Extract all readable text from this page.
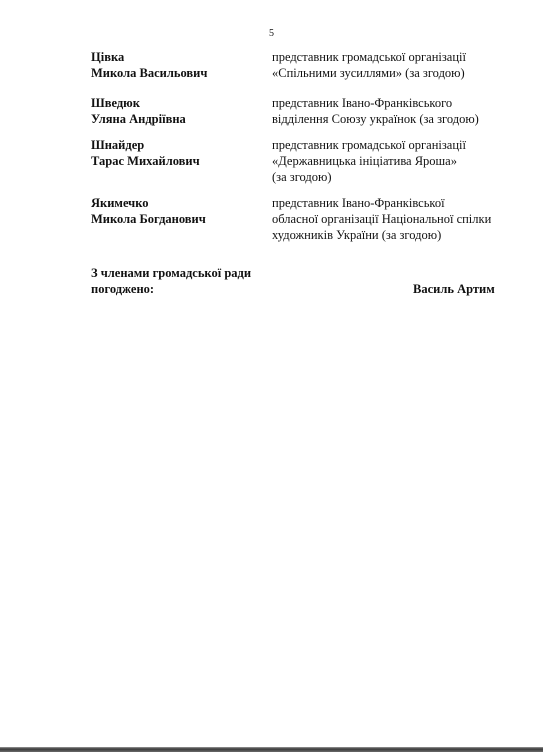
5
Цівка
Микола Васильович
представник громадської організації
«Спільними зусиллями» (за згодою)
Шведюк
Уляна Андріївна
представник Івано-Франківського
відділення Союзу українок (за згодою)
Шнайдер
Тарас Михайлович
представник громадської організації
«Державницька ініціатива Яроша»
(за згодою)
Якимечко
Микола Богданович
представник Івано-Франківської
обласної організації Національної спілки
художників України (за згодою)
З членами громадської ради
погоджено:	Василь Артим
